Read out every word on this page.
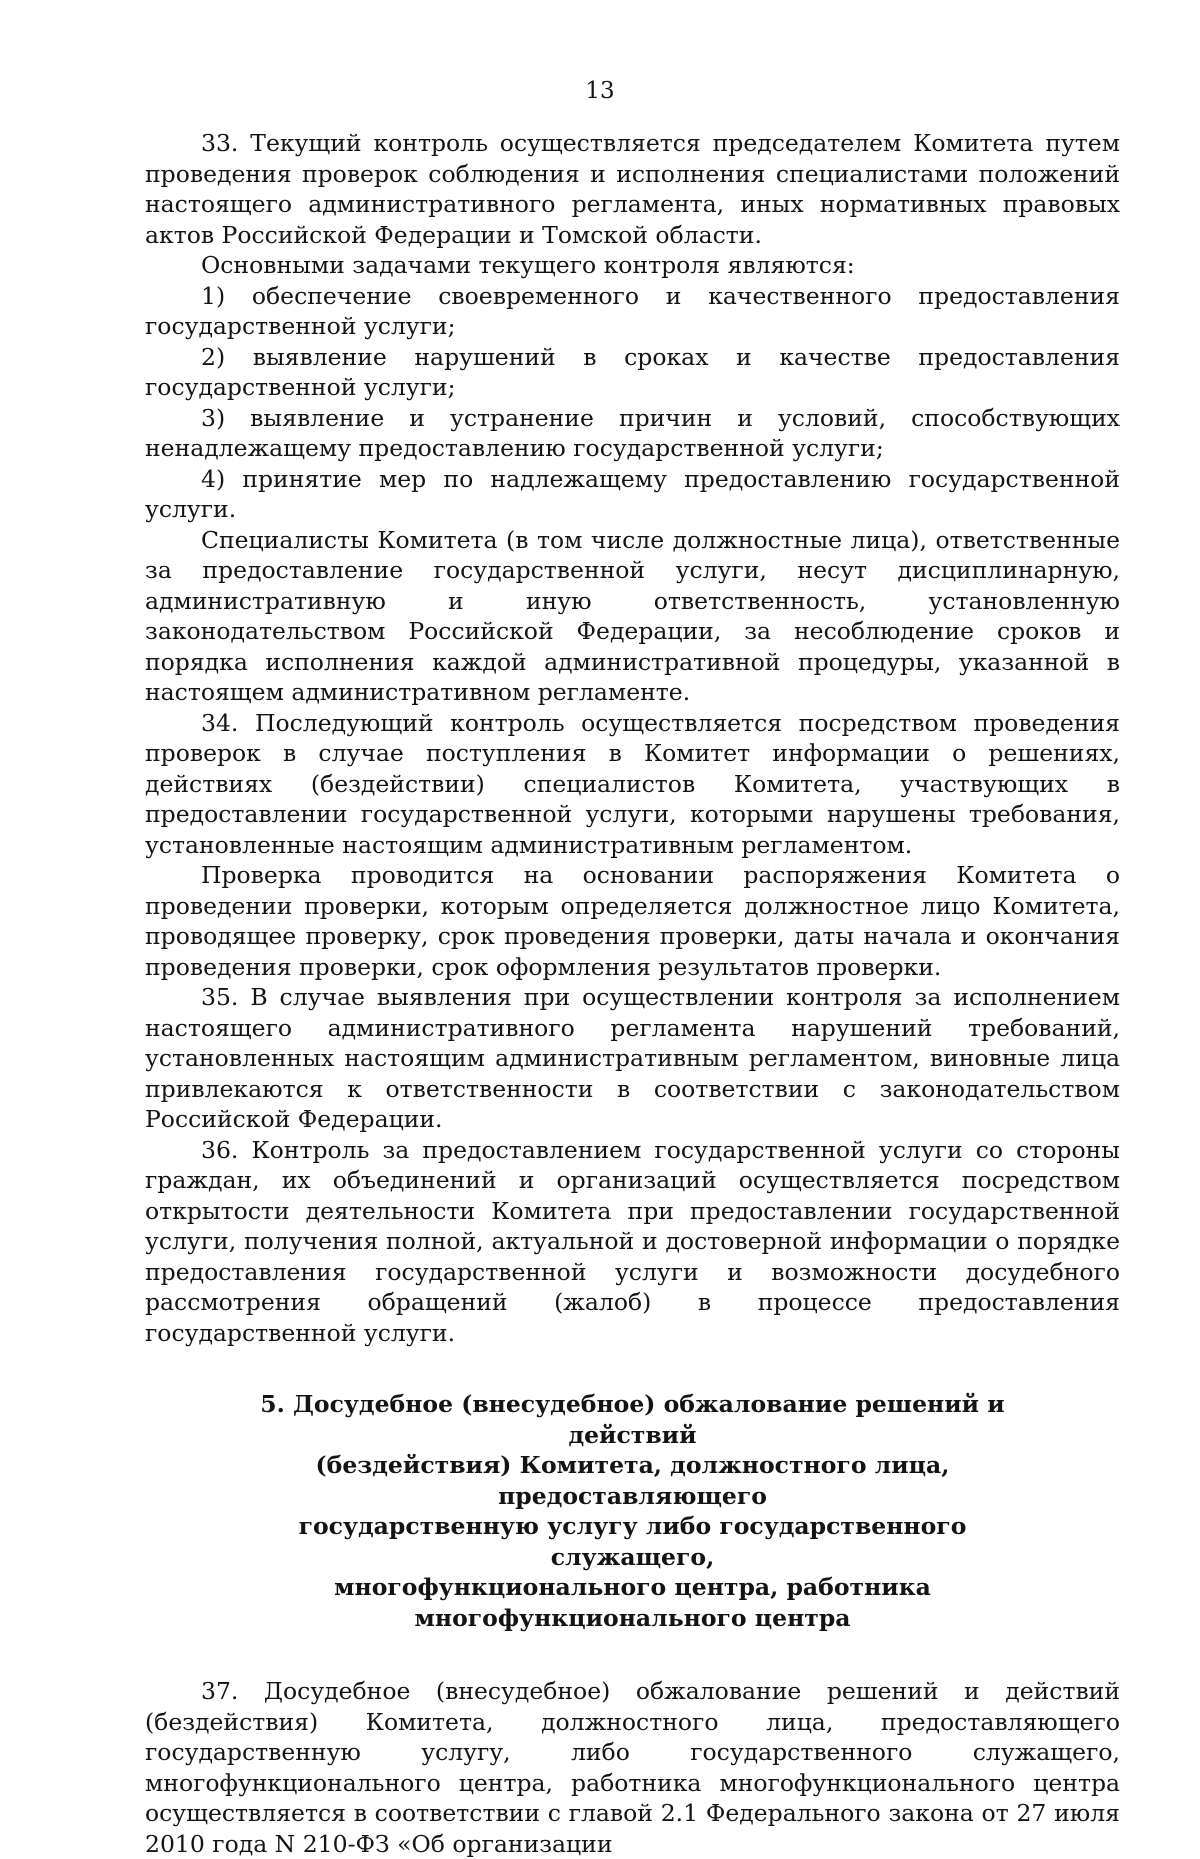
13

33. Текущий контроль осуществляется председателем Комитета путем проведения проверок соблюдения и исполнения специалистами положений настоящего административного регламента, иных нормативных правовых актов Российской Федерации и Томской области.

Основными задачами текущего контроля являются:

1) обеспечение своевременного и качественного предоставления государственной услуги;

2) выявление нарушений в сроках и качестве предоставления государственной услуги;

3) выявление и устранение причин и условий, способствующих ненадлежащему предоставлению государственной услуги;

4) принятие мер по надлежащему предоставлению государственной услуги.

Специалисты Комитета (в том числе должностные лица), ответственные за предоставление государственной услуги, несут дисциплинарную, административную и иную ответственность, установленную законодательством Российской Федерации, за несоблюдение сроков и порядка исполнения каждой административной процедуры, указанной в настоящем административном регламенте.

34. Последующий контроль осуществляется посредством проведения проверок в случае поступления в Комитет информации о решениях, действиях (бездействии) специалистов Комитета, участвующих в предоставлении государственной услуги, которыми нарушены требования, установленные настоящим административным регламентом.

Проверка проводится на основании распоряжения Комитета о проведении проверки, которым определяется должностное лицо Комитета, проводящее проверку, срок проведения проверки, даты начала и окончания проведения проверки, срок оформления результатов проверки.

35. В случае выявления при осуществлении контроля за исполнением настоящего административного регламента нарушений требований, установленных настоящим административным регламентом, виновные лица привлекаются к ответственности в соответствии с законодательством Российской Федерации.

36. Контроль за предоставлением государственной услуги со стороны граждан, их объединений и организаций осуществляется посредством открытости деятельности Комитета при предоставлении государственной услуги, получения полной, актуальной и достоверной информации о порядке предоставления государственной услуги и возможности досудебного рассмотрения обращений (жалоб) в процессе предоставления государственной услуги.

5. Досудебное (внесудебное) обжалование решений и действий
(бездействия) Комитета, должностного лица, предоставляющего
государственную услугу либо государственного служащего,
многофункционального центра, работника
многофункционального центра

37. Досудебное (внесудебное) обжалование решений и действий (бездействия) Комитета, должностного лица, предоставляющего государственную услугу, либо государственного служащего, многофункционального центра, работника многофункционального центра осуществляется в соответствии с главой 2.1 Федерального закона от 27 июля 2010 года N 210-ФЗ «Об организации
